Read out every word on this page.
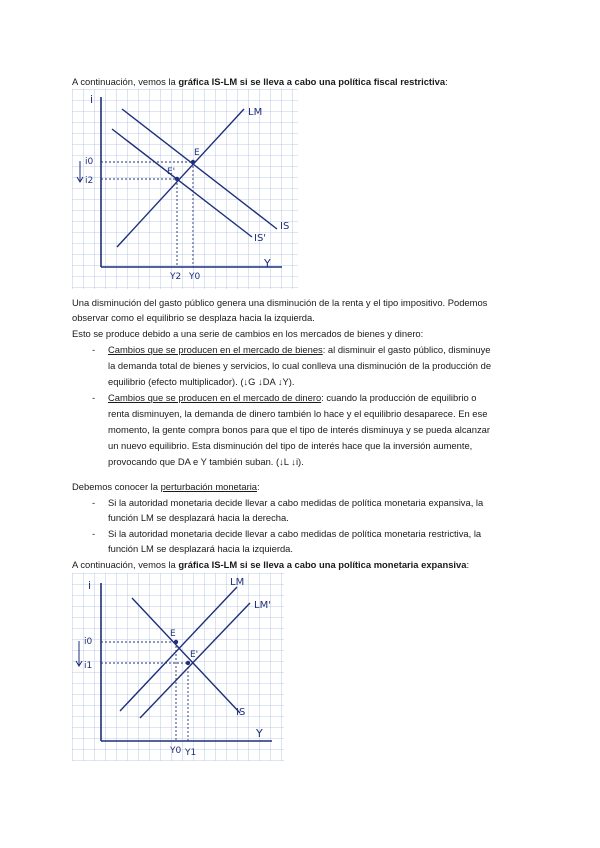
A continuación, vemos la gráfica IS-LM si se lleva a cabo una política fiscal restrictiva:
i
Y
LM
IS
IS'
E
E'
i0
i2
Y2 Y0
Una disminución del gasto público genera una disminución de la renta y el tipo impositivo. Podemos
observar como el equilibrio se desplaza hacia la izquierda.
Esto se produce debido a una serie de cambios en los mercados de bienes y dinero:
- Cambios que se producen en el mercado de bienes: al disminuir el gasto público, disminuye
la demanda total de bienes y servicios, lo cual conlleva una disminución de la producción de
equilibrio (efecto multiplicador). (↓G ↓DA ↓Y).
- Cambios que se producen en el mercado de dinero: cuando la producción de equilibrio o
renta disminuyen, la demanda de dinero también lo hace y el equilibrio desaparece. En ese
momento, la gente compra bonos para que el tipo de interés disminuya y se pueda alcanzar
un nuevo equilibrio. Esta disminución del tipo de interés hace que la inversión aumente,
provocando que DA e Y también suban. (↓L ↓i).
Debemos conocer la perturbación monetaria:
- Si la autoridad monetaria decide llevar a cabo medidas de política monetaria expansiva, la
función LM se desplazará hacia la derecha.
- Si la autoridad monetaria decide llevar a cabo medidas de política monetaria restrictiva, la
función LM se desplazará hacia la izquierda.
A continuación, vemos la gráfica IS-LM si se lleva a cabo una política monetaria expansiva:
i
Y
LM
LM'
IS
E
E'
i0
i1
Y0 Y1
